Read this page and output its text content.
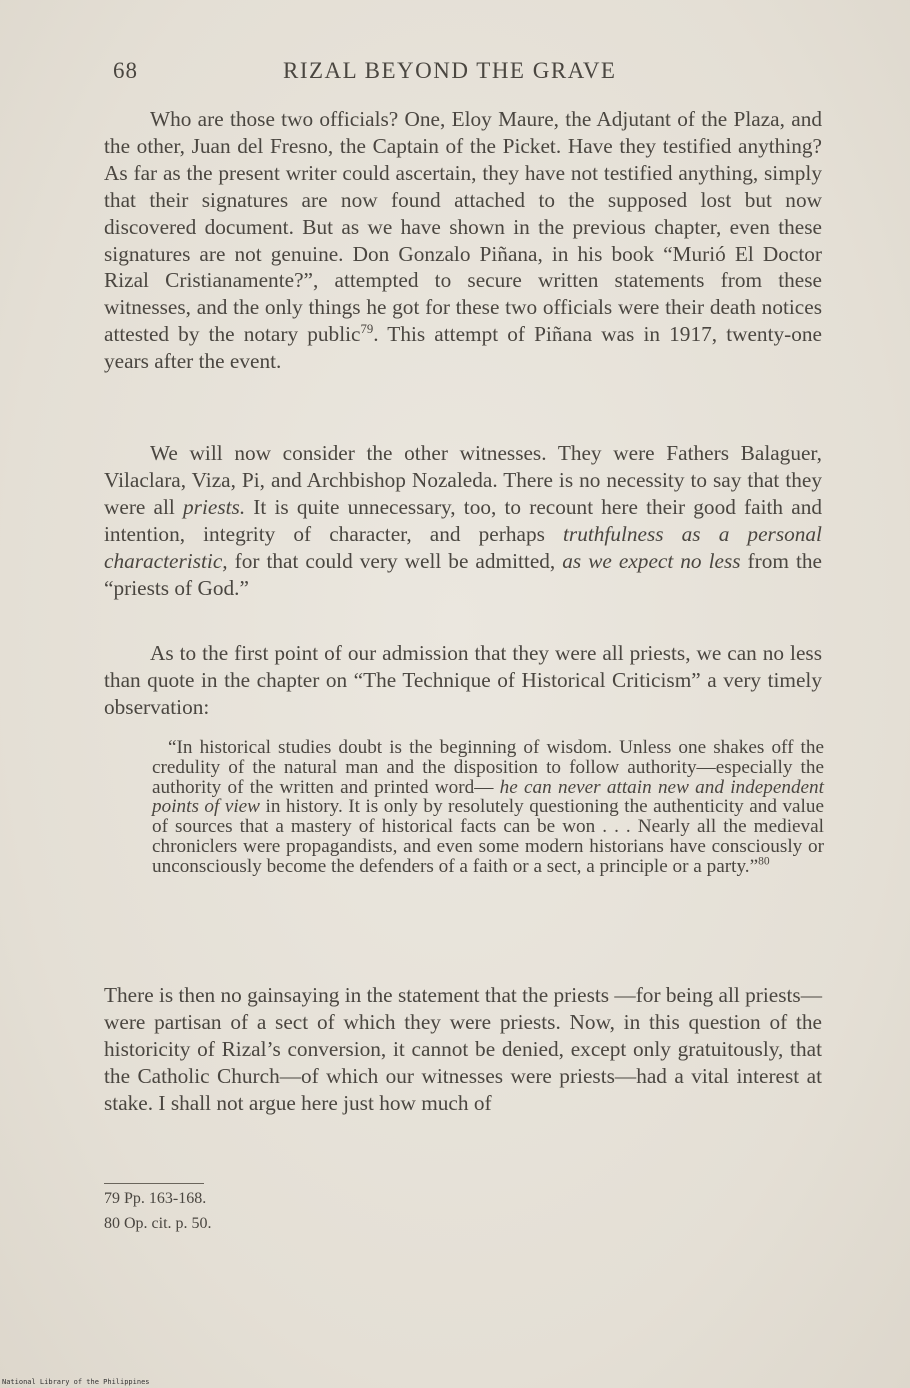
68	RIZAL BEYOND THE GRAVE

Who are those two officials? One, Eloy Maure, the Adjutant of the Plaza, and the other, Juan del Fresno, the Captain of the Picket. Have they testified anything? As far as the present writer could ascertain, they have not testified anything, simply that their signatures are now found attached to the supposed lost but now discovered document. But as we have shown in the previous chapter, even these signatures are not genuine. Don Gonzalo Piñana, in his book “Murió El Doctor Rizal Cristianamente?”, attempted to secure written statements from these witnesses, and the only things he got for these two officials were their death notices attested by the notary public$^{79}$. This attempt of Piñana was in 1917, twenty-one years after the event.

We will now consider the other witnesses. They were Fathers Balaguer, Vilaclara, Viza, Pi, and Archbishop Nozaleda. There is no necessity to say that they were all priests. It is quite unnecessary, too, to recount here their good faith and intention, integrity of character, and perhaps truthfulness as a personal characteristic, for that could very well be admitted, as we expect no less from the “priests of God.”

As to the first point of our admission that they were all priests, we can no less than quote in the chapter on “The Technique of Historical Criticism” a very timely observation:

“In historical studies doubt is the beginning of wisdom. Unless one shakes off the credulity of the natural man and the disposition to follow authority—especially the authority of the written and printed word— he can never attain new and independent points of view in history. It is only by resolutely questioning the authenticity and value of sources that a mastery of historical facts can be won . . . Nearly all the medieval chroniclers were propagandists, and even some modern historians have consciously or unconsciously become the defenders of a faith or a sect, a principle or a party.”$^{80}$

There is then no gainsaying in the statement that the priests —for being all priests—were partisan of a sect of which they were priests. Now, in this question of the historicity of Rizal’s conversion, it cannot be denied, except only gratuitously, that the Catholic Church—of which our witnesses were priests—had a vital interest at stake. I shall not argue here just how much of

79 Pp. 163-168.
80 Op. cit. p. 50.
National Library of the Philippines
